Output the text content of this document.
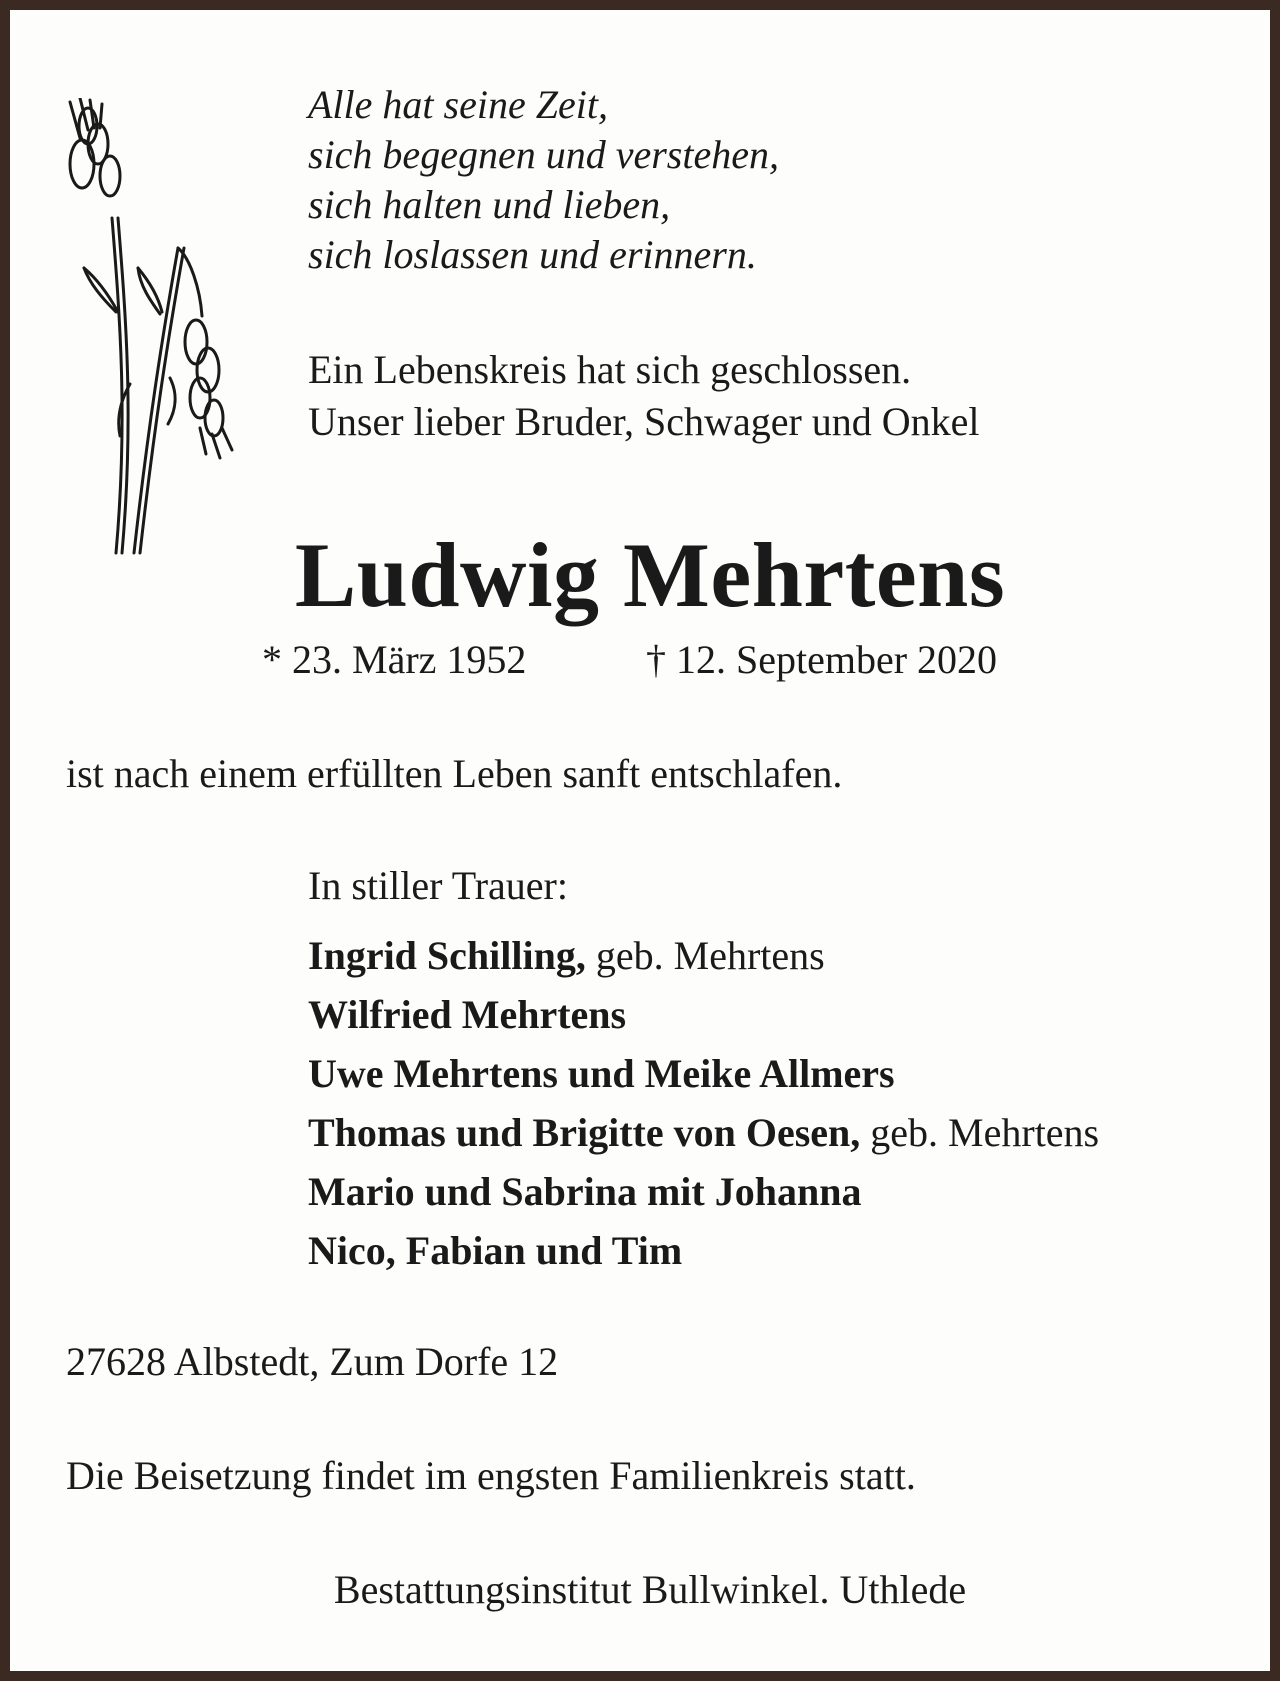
Alle hat seine Zeit,
sich begegnen und verstehen,
sich halten und lieben,
sich loslassen und erinnern.
Ein Lebenskreis hat sich geschlossen.
Unser lieber Bruder, Schwager und Onkel
Ludwig Mehrtens
* 23. März 1952	† 12. September 2020
ist nach einem erfüllten Leben sanft entschlafen.
In stiller Trauer:
Ingrid Schilling, geb. Mehrtens
Wilfried Mehrtens
Uwe Mehrtens und Meike Allmers
Thomas und Brigitte von Oesen, geb. Mehrtens
Mario und Sabrina mit Johanna
Nico, Fabian und Tim
27628 Albstedt, Zum Dorfe 12
Die Beisetzung findet im engsten Familienkreis statt.
Bestattungsinstitut Bullwinkel. Uthlede
